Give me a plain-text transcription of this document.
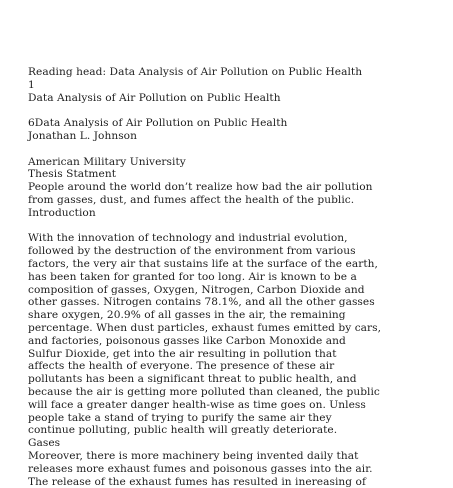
Reading head: Data Analysis of Air Pollution on Public Health
1
Data Analysis of Air Pollution on Public Health
6Data Analysis of Air Pollution on Public Health
Jonathan L. Johnson
American Military University
Thesis Statment
People around the world don’t realize how bad the air pollution
from gasses, dust, and fumes affect the health of the public.
Introduction
With the innovation of technology and industrial evolution,
followed by the destruction of the environment from various
factors, the very air that sustains life at the surface of the earth,
has been taken for granted for too long. Air is known to be a
composition of gasses, Oxygen, Nitrogen, Carbon Dioxide and
other gasses. Nitrogen contains 78.1%, and all the other gasses
share oxygen, 20.9% of all gasses in the air, the remaining
percentage. When dust particles, exhaust fumes emitted by cars,
and factories, poisonous gasses like Carbon Monoxide and
Sulfur Dioxide, get into the air resulting in pollution that
affects the health of everyone. The presence of these air
pollutants has been a significant threat to public health, and
because the air is getting more polluted than cleaned, the public
will face a greater danger health-wise as time goes on. Unless
people take a stand of trying to purify the same air they
continue polluting, public health will greatly deteriorate.
Gases
Moreover, there is more machinery being invented daily that
releases more exhaust fumes and poisonous gasses into the air.
The release of the exhaust fumes has resulted in inereasing of
